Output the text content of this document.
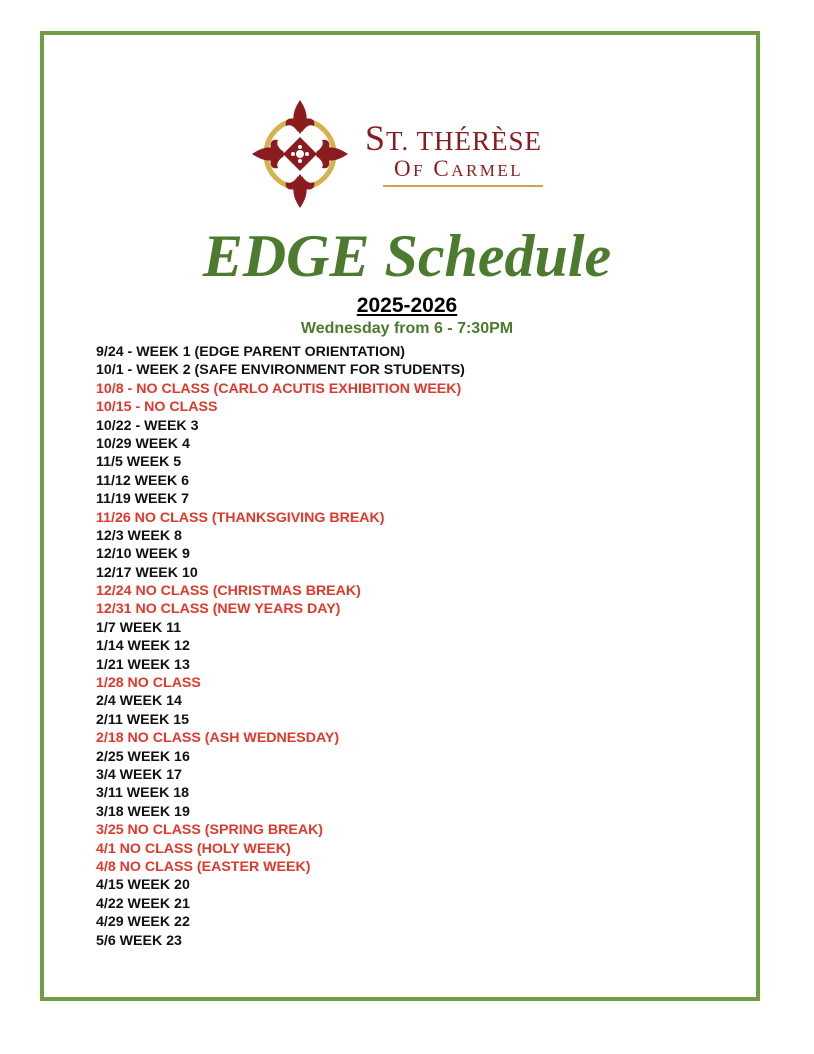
ST. THÉRÈSE
OF CARMEL
EDGE Schedule
2025-2026
Wednesday from 6 - 7:30PM
9/24 - WEEK 1 (EDGE PARENT ORIENTATION)
10/1 - WEEK 2 (SAFE ENVIRONMENT FOR STUDENTS)
10/8 - NO CLASS (CARLO ACUTIS EXHIBITION WEEK)
10/15 - NO CLASS
10/22 - WEEK 3
10/29 WEEK 4
11/5 WEEK 5
11/12 WEEK 6
11/19 WEEK 7
11/26 NO CLASS (THANKSGIVING BREAK)
12/3 WEEK 8
12/10 WEEK 9
12/17 WEEK 10
12/24 NO CLASS (CHRISTMAS BREAK)
12/31 NO CLASS (NEW YEARS DAY)
1/7 WEEK 11
1/14 WEEK 12
1/21 WEEK 13
1/28 NO CLASS
2/4 WEEK 14
2/11 WEEK 15
2/18 NO CLASS (ASH WEDNESDAY)
2/25 WEEK 16
3/4 WEEK 17
3/11 WEEK 18
3/18 WEEK 19
3/25 NO CLASS (SPRING BREAK)
4/1 NO CLASS (HOLY WEEK)
4/8 NO CLASS (EASTER WEEK)
4/15 WEEK 20
4/22 WEEK 21
4/29 WEEK 22
5/6 WEEK 23
